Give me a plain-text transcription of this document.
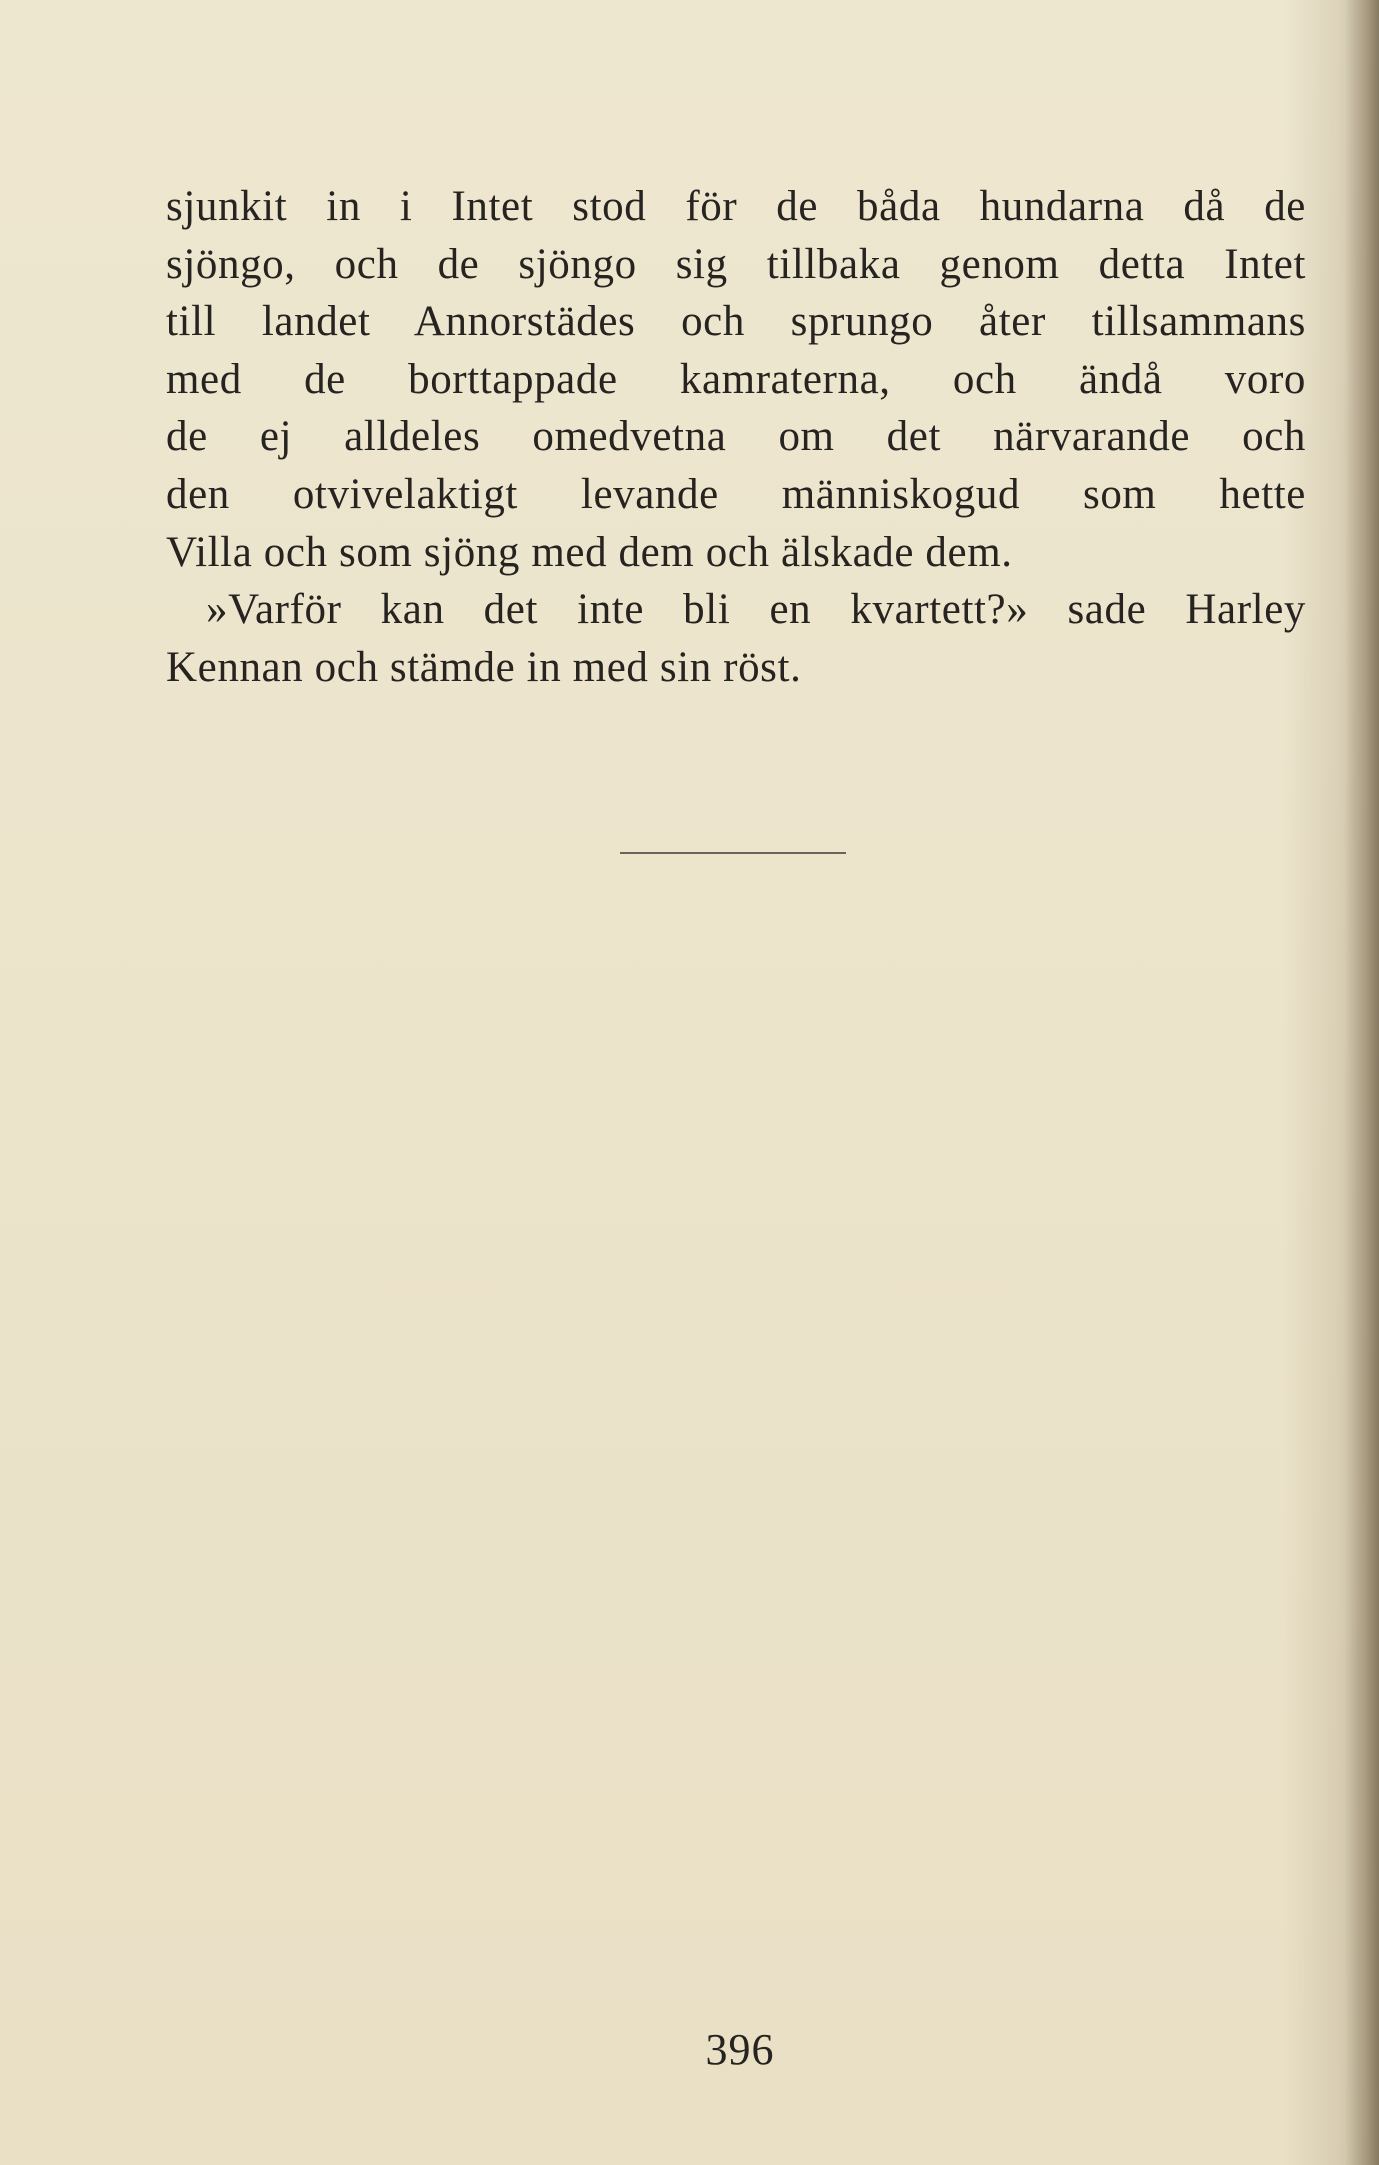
sjunkit in i Intet stod för de båda hundarna då de
sjöngo, och de sjöngo sig tillbaka genom detta Intet
till landet Annorstädes och sprungo åter tillsammans
med de borttappade kamraterna, och ändå voro
de ej alldeles omedvetna om det närvarande och
den otvivelaktigt levande människogud som hette
Villa och som sjöng med dem och älskade dem.
»Varför kan det inte bli en kvartett?» sade Harley
Kennan och stämde in med sin röst.
396
